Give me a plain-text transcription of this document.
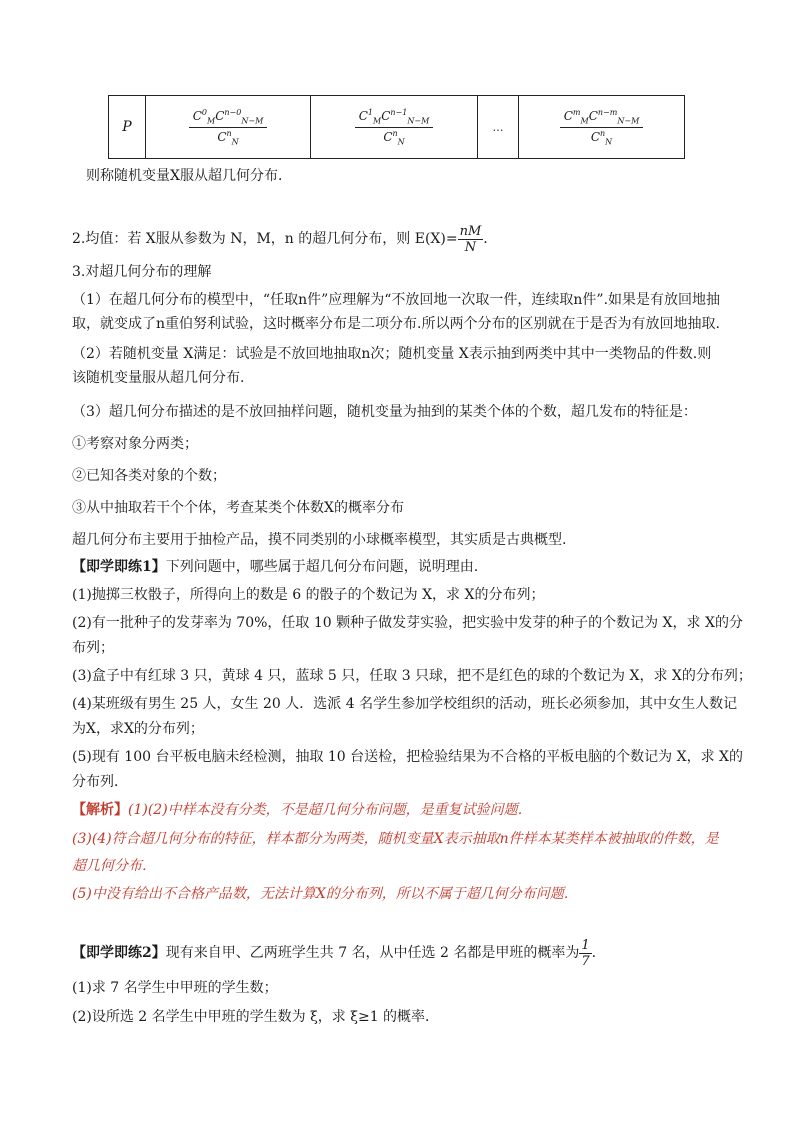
P	$\frac{C^0_MC^{n-0}_{N-M}}{C^n_N}$	$\frac{C^1_MC^{n-1}_{N-M}}{C^n_N}$	…	$\frac{C^m_MC^{n-m}_{N-M}}{C^n_N}$
则称随机变量X服从超几何分布．
2.均值：若 X服从参数为 N，M，n 的超几何分布，则 $E(X)= \frac{nM}{N}$ .
3.对超几何分布的理解
（1）在超几何分布的模型中，“任取n件”应理解为“不放回地一次取一件，连续取n件”.如果是有放回地抽
取，就变成了n重伯努利试验，这时概率分布是二项分布.所以两个分布的区别就在于是否为有放回地抽取.
（2）若随机变量 X满足：试验是不放回地抽取n次；随机变量 X表示抽到两类中其中一类物品的件数.则
该随机变量服从超几何分布.
（3）超几何分布描述的是不放回抽样问题，随机变量为抽到的某类个体的个数，超几发布的特征是：
①考察对象分两类；
②已知各类对象的个数；
③从中抽取若干个个体，考查某类个体数X的概率分布
超几何分布主要用于抽检产品，摸不同类别的小球概率模型，其实质是古典概型.
【即学即练1】下列问题中，哪些属于超几何分布问题，说明理由.
(1)抛掷三枚骰子，所得向上的数是 6 的骰子的个数记为 X，求 X的分布列；
(2)有一批种子的发芽率为 70%，任取 10 颗种子做发芽实验，把实验中发芽的种子的个数记为 X，求 X的分
布列；
(3)盒子中有红球 3 只，黄球 4 只，蓝球 5 只，任取 3 只球，把不是红色的球的个数记为 X，求 X的分布列；
(4)某班级有男生 25 人，女生 20 人．选派 4 名学生参加学校组织的活动，班长必须参加，其中女生人数记
为X，求X的分布列；
(5)现有 100 台平板电脑未经检测，抽取 10 台送检，把检验结果为不合格的平板电脑的个数记为 X，求 X的
分布列．
【解析】(1)(2)中样本没有分类，不是超几何分布问题，是重复试验问题．
(3)(4)符合超几何分布的特征，样本都分为两类，随机变量X表示抽取n件样本某类样本被抽取的件数，是
超几何分布．
(5)中没有给出不合格产品数，无法计算X的分布列，所以不属于超几何分布问题．
【即学即练2】 现有来自甲、乙两班学生共 7 名，从中任选 2 名都是甲班的概率为 $\frac{1}{7}$ .
(1)求 7 名学生中甲班的学生数；
(2)设所选 2 名学生中甲班的学生数为 ξ，求 ξ≥1 的概率．
